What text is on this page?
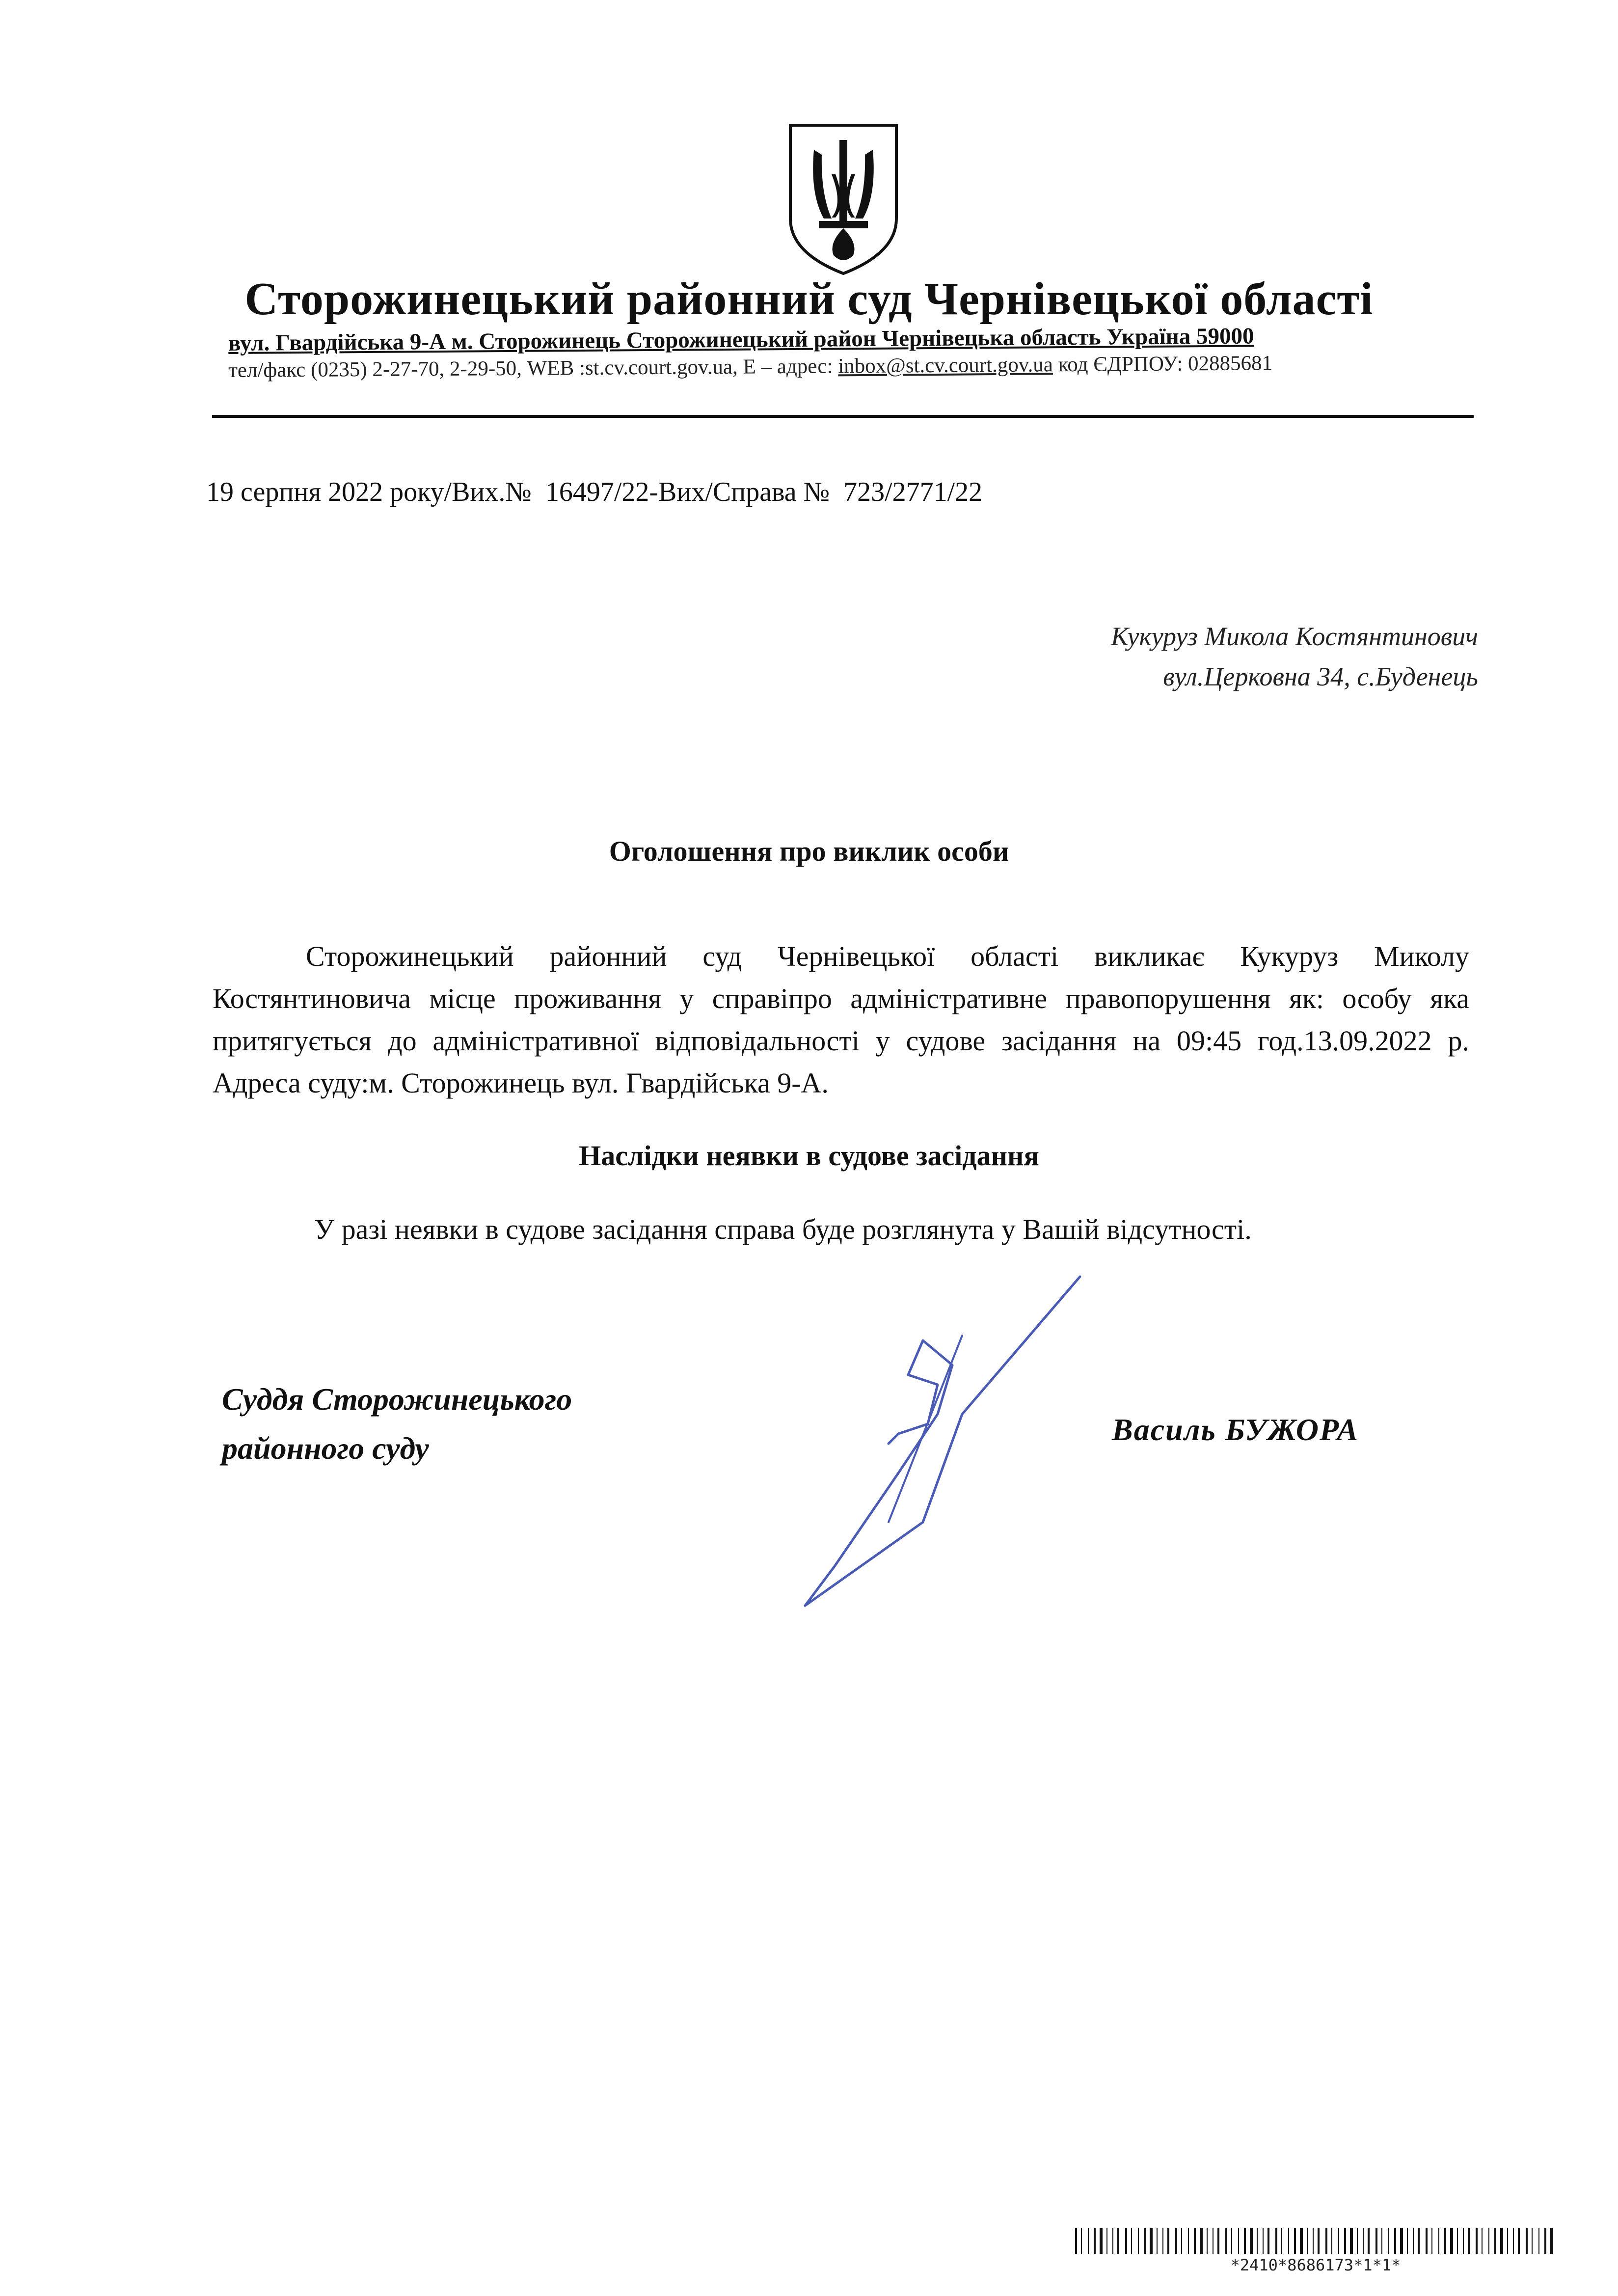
Сторожинецький районний суд Чернівецької області
вул. Гвардійська 9-А м. Сторожинець Сторожинецький район Чернівецька область Україна 59000
тел/факс (0235) 2-27-70, 2-29-50, WEB :st.cv.court.gov.ua, E – адрес: inbox@st.cv.court.gov.ua код ЄДРПОУ: 02885681
19 серпня 2022 року/Вих.№  16497/22-Вих/Справа №  723/2771/22
Кукуруз Микола Костянтинович
вул.Церковна 34, с.Буденець
Оголошення про виклик особи
Сторожинецький районний суд Чернівецької області викликає Кукуруз Миколу Костянтиновича місце проживання у справіпро адміністративне правопорушення як: особу яка притягується до адміністративної відповідальності у судове засідання на 09:45 год.13.09.2022 р. Адреса суду:м. Сторожинець вул. Гвардійська 9-А.
Наслідки неявки в судове засідання
У разі неявки в судове засідання справа буде розглянута у Вашій відсутності.
Суддя Сторожинецького
районного суду
Василь БУЖОРА
*2410*8686173*1*1*
